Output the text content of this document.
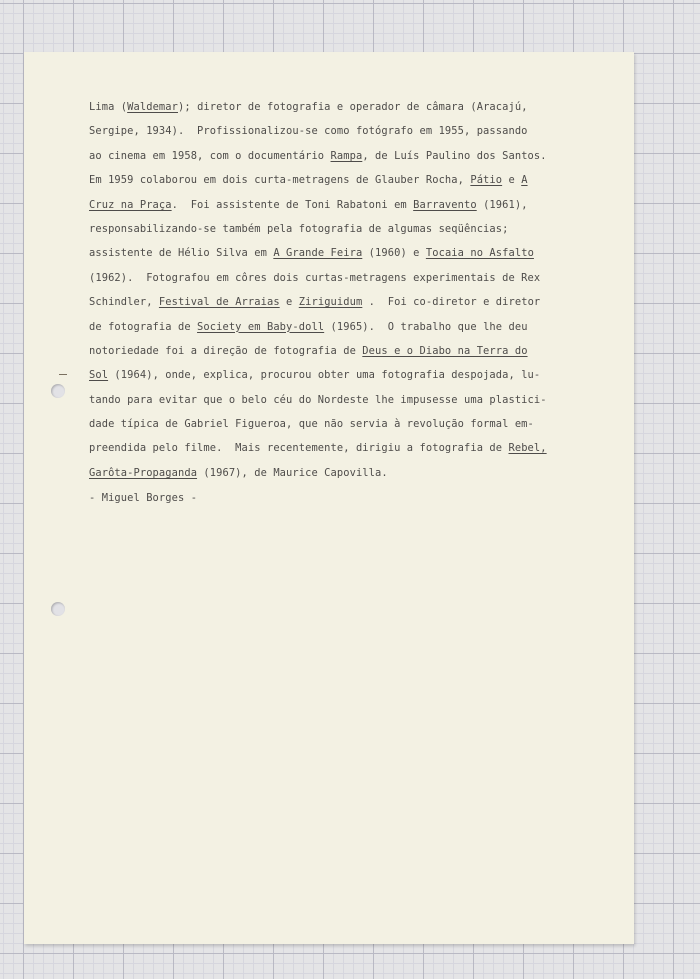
Lima (Waldemar); diretor de fotografia e operador de câmara (Aracajú,
Sergipe, 1934).  Profissionalizou-se como fotógrafo em 1955, passando
ao cinema em 1958, com o documentário Rampa, de Luís Paulino dos Santos.
Em 1959 colaborou em dois curta-metragens de Glauber Rocha, Pátio e A
Cruz na Praça.  Foi assistente de Toni Rabatoni em Barravento (1961),
responsabilizando-se também pela fotografia de algumas seqüências;
assistente de Hélio Silva em A Grande Feira (1960) e Tocaia no Asfalto
(1962).  Fotografou em côres dois curtas-metragens experimentais de Rex
Schindler, Festival de Arraias e Ziriguidum .  Foi co-diretor e diretor
de fotografia de Society em Baby-doll (1965).  O trabalho que lhe deu
notoriedade foi a direção de fotografia de Deus e o Diabo na Terra do
Sol (1964), onde, explica, procurou obter uma fotografia despojada, lu-
tando para evitar que o belo céu do Nordeste lhe impusesse uma plastici-
dade típica de Gabriel Figueroa, que não servia à revolução formal em-
preendida pelo filme.  Mais recentemente, dirigiu a fotografia de Rebel,
Garôta-Propaganda (1967), de Maurice Capovilla.
- Miguel Borges -
